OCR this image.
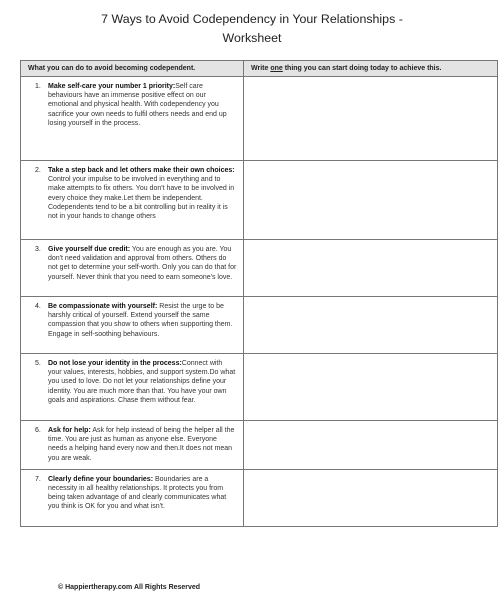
7 Ways to Avoid Codependency in Your Relationships -
Worksheet
What you can do to avoid becoming codependent.	Write one thing you can start doing today to achieve this.

1. Make self-care your number 1 priority:Self care behaviours have an immense positive effect on our emotional and physical health. With codependency you sacrifice your own needs to fulfil others needs and end up losing yourself in the process.	

2. Take a step back and let others make their own choices: Control your impulse to be involved in everything and to make attempts to fix others. You don't have to be involved in every choice they make.Let them be independent. Codependents tend to be a bit controlling but in reality it is not in your hands to change others	

3. Give yourself due credit: You are enough as you are. You don't need validation and approval from others. Others do not get to determine your self-worth. Only you can do that for yourself. Never think that you need to earn someone's love.	

4. Be compassionate with yourself: Resist the urge to be harshly critical of yourself. Extend yourself the same compassion that you show to others when supporting them. Engage in self-soothing behaviours.	

5. Do not lose your identity in the process:Connect with your values, interests, hobbies, and support system.Do what you used to love. Do not let your relationships define your identity. You are much more than that. You have your own goals and aspirations. Chase them without fear.	

6. Ask for help: Ask for help instead of being the helper all the time. You are just as human as anyone else. Everyone needs a helping hand every now and then.It does not mean you are weak.	

7. Clearly define your boundaries: Boundaries are a necessity in all healthy relationships. It protects you from being taken advantage of and clearly communicates what you think is OK for you and what isn't.	

© Happiertherapy.com All Rights Reserved
